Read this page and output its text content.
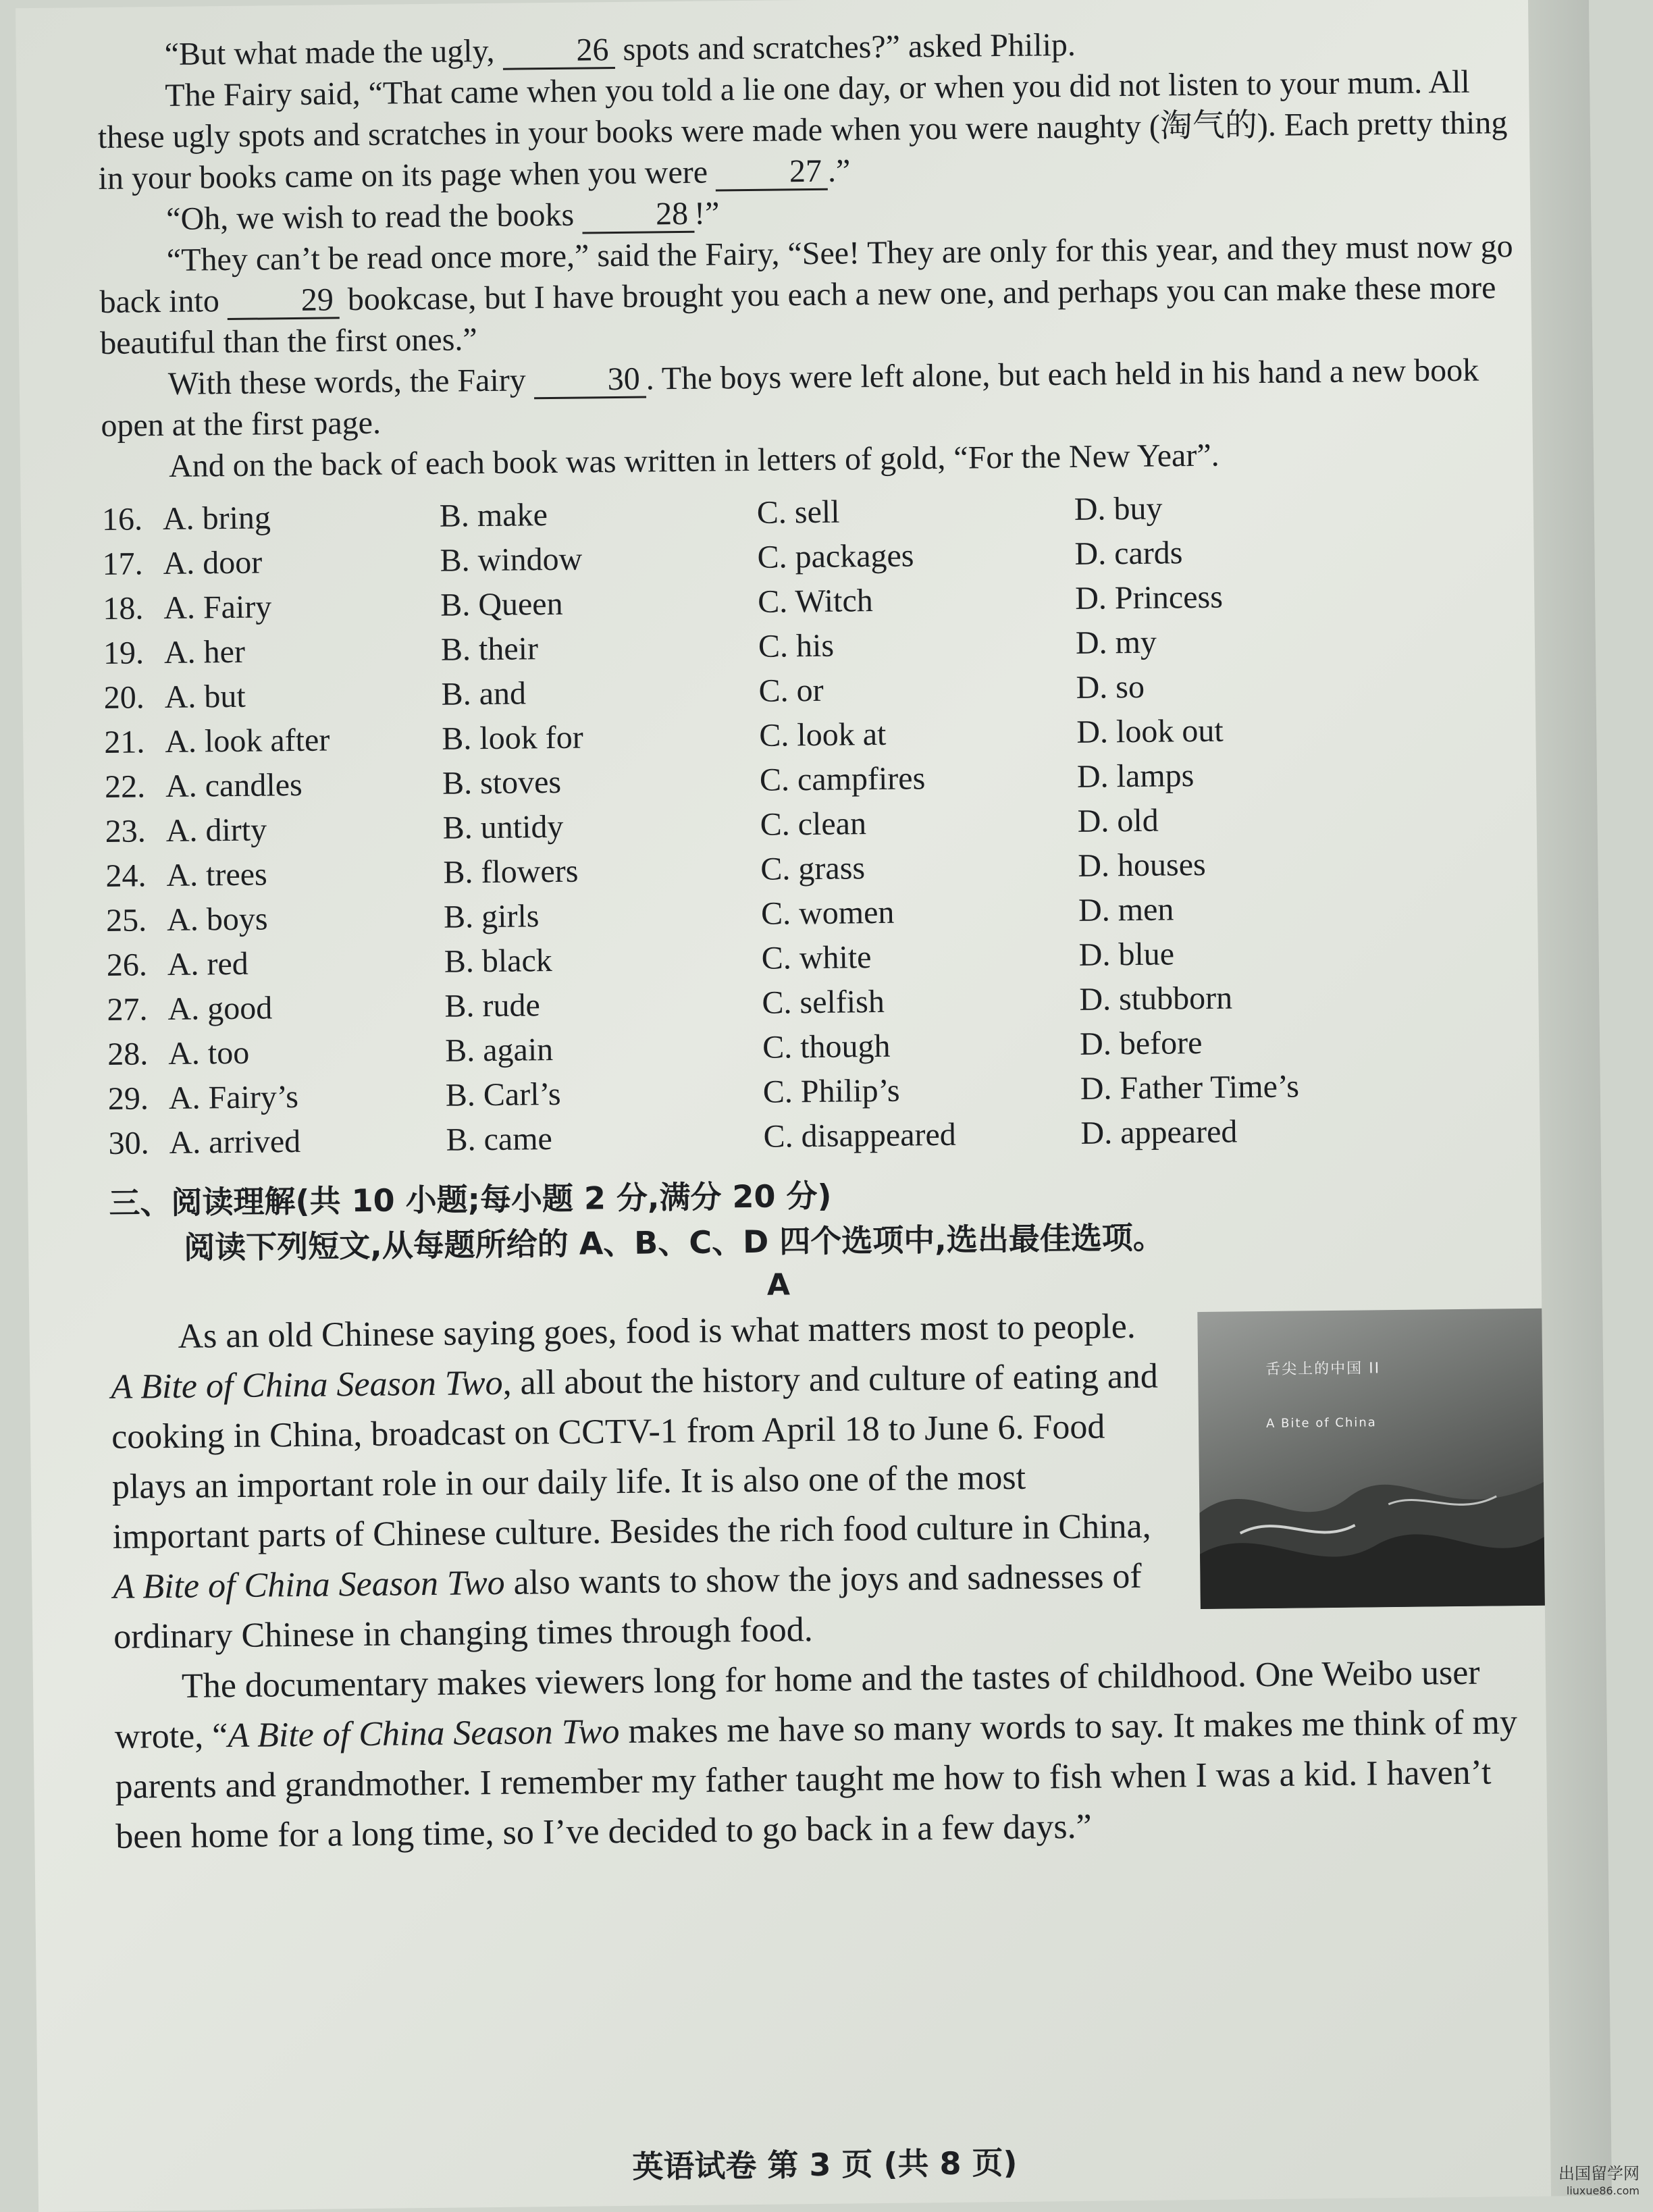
“But what made the ugly, 26 spots and scratches?” asked Philip.

The Fairy said, “That came when you told a lie one day, or when you did not listen to your mum. All these ugly spots and scratches in your books were made when you were naughty (淘气的). Each pretty thing in your books came on its page when you were 27 .”

“Oh, we wish to read the books 28 !”

“They can’t be read once more,” said the Fairy, “See! They are only for this year, and they must now go back into 29 bookcase, but I have brought you each a new one, and perhaps you can make these more beautiful than the first ones.”

With these words, the Fairy 30 . The boys were left alone, but each held in his hand a new book open at the first page.

And on the back of each book was written in letters of gold, “For the New Year”.

16. A. bring	B. make	C. sell	D. buy
17. A. door	B. window	C. packages	D. cards
18. A. Fairy	B. Queen	C. Witch	D. Princess
19. A. her	B. their	C. his	D. my
20. A. but	B. and	C. or	D. so
21. A. look after	B. look for	C. look at	D. look out
22. A. candles	B. stoves	C. campfires	D. lamps
23. A. dirty	B. untidy	C. clean	D. old
24. A. trees	B. flowers	C. grass	D. houses
25. A. boys	B. girls	C. women	D. men
26. A. red	B. black	C. white	D. blue
27. A. good	B. rude	C. selfish	D. stubborn
28. A. too	B. again	C. though	D. before
29. A. Fairy’s	B. Carl’s	C. Philip’s	D. Father Time’s
30. A. arrived	B. came	C. disappeared	D. appeared
三、阅读理解(共 10 小题;每小题 2 分,满分 20 分)
阅读下列短文,从每题所给的 A、B、C、D 四个选项中,选出最佳选项。
A
舌尖上的中国 II
A Bite of China

As an old Chinese saying goes, food is what matters most to people. A Bite of China Season Two, all about the history and culture of eating and cooking in China, broadcast on CCTV-1 from April 18 to June 6. Food plays an important role in our daily life. It is also one of the most important parts of Chinese culture. Besides the rich food culture in China, A Bite of China Season Two also wants to show the joys and sadnesses of ordinary Chinese in changing times through food.

The documentary makes viewers long for home and the tastes of childhood. One Weibo user wrote, “A Bite of China Season Two makes me have so many words to say. It makes me think of my parents and grandmother. I remember my father taught me how to fish when I was a kid. I haven’t been home for a long time, so I’ve decided to go back in a few days.”

英语试卷 第 3 页 (共 8 页)	出国留学网
liuxue86.com
